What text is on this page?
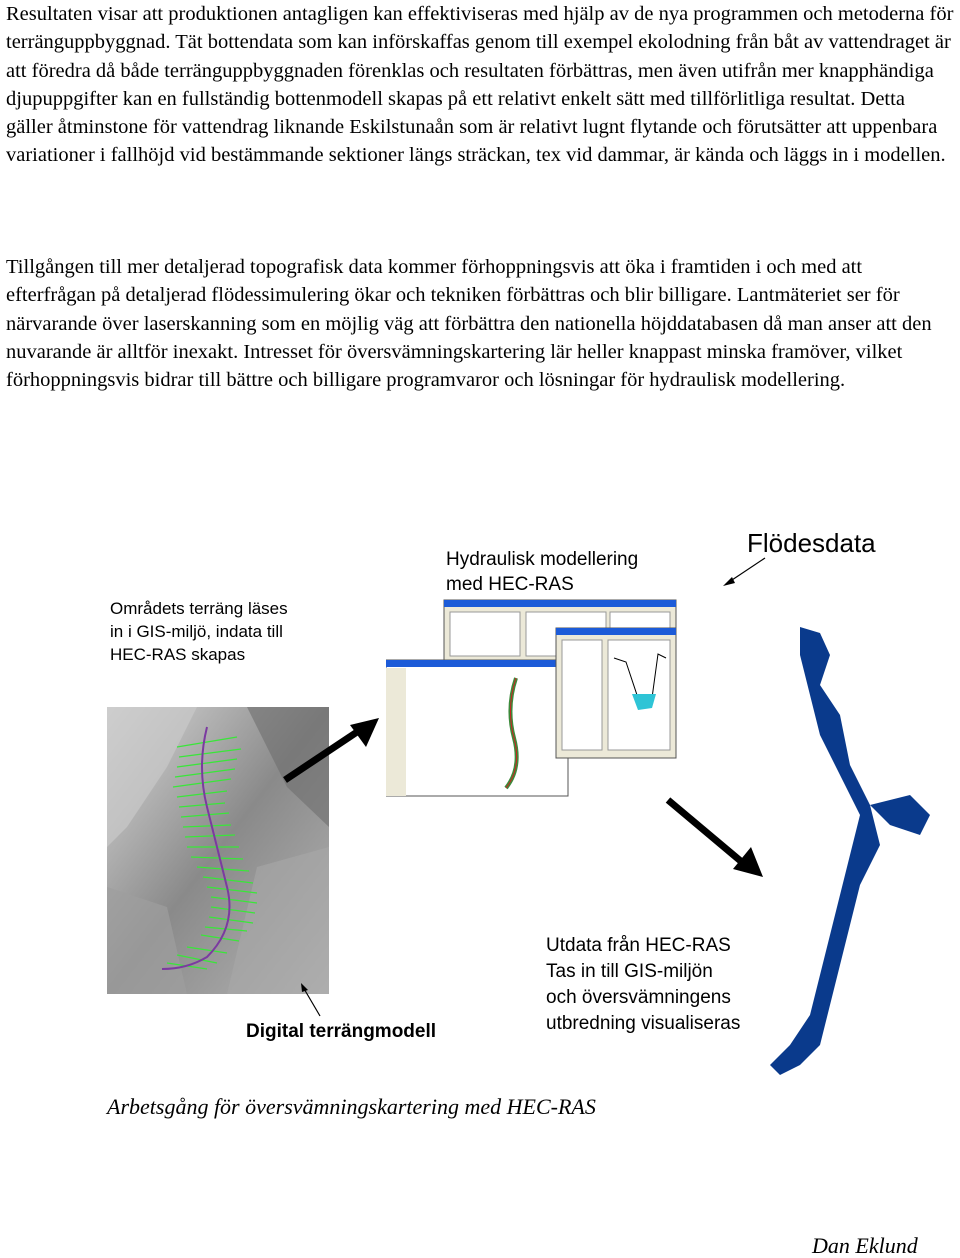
Resultaten visar att produktionen antagligen kan effektiviseras med hjälp av de nya programmen och metoderna för terränguppbyggnad. Tät bottendata som kan införskaffas genom till exempel ekolodning från båt av vattendraget är att föredra då både terränguppbyggnaden förenklas och resultaten förbättras, men även utifrån mer knapphändiga djupuppgifter kan en fullständig bottenmodell skapas på ett relativt enkelt sätt med tillförlitliga resultat. Detta gäller åtminstone för vattendrag liknande Eskilstunaån som är relativt lugnt flytande och förutsätter att uppenbara variationer i fallhöjd vid bestämmande sektioner längs sträckan, tex vid dammar, är kända och läggs in i modellen.

Tillgången till mer detaljerad topografisk data kommer förhoppningsvis att öka i framtiden i och med att efterfrågan på detaljerad flödessimulering ökar och tekniken förbättras och blir billigare. Lantmäteriet ser för närvarande över laserskanning som en möjlig väg att förbättra den nationella höjddatabasen då man anser att den nuvarande är alltför inexakt. Intresset för översvämningskartering lär heller knappast minska framöver, vilket förhoppningsvis bidrar till bättre och billigare programvaror och lösningar för hydraulisk modellering.

Områdets terräng läses
in i GIS-miljö, indata till
HEC-RAS skapas
Hydraulisk modellering
med HEC-RAS
Flödesdata
Utdata från HEC-RAS
Tas in till GIS-miljön
och översvämningens
utbredning visualiseras
Digital terrängmodell
Arbetsgång för översvämningskartering med HEC-RAS
Dan Eklund
